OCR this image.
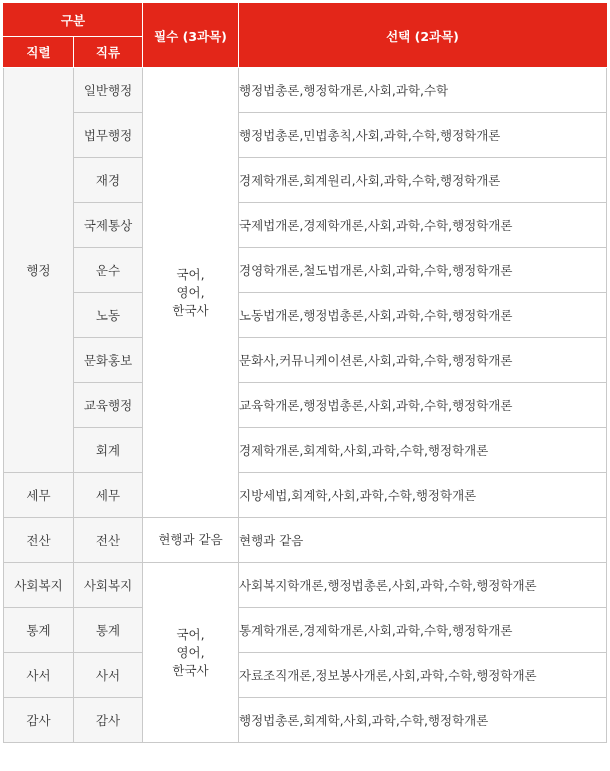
구분		필수 (3과목)	선택 (2과목)
직렬	직류		
행정	일반행정	국어,
영어,
한국사	행정법총론,행정학개론,사회,과학,수학
	법무행정		행정법총론,민법총칙,사회,과학,수학,행정학개론
	재경		경제학개론,회계원리,사회,과학,수학,행정학개론
	국제통상		국제법개론,경제학개론,사회,과학,수학,행정학개론
	운수		경영학개론,철도법개론,사회,과학,수학,행정학개론
	노동		노동법개론,행정법총론,사회,과학,수학,행정학개론
	문화홍보		문화사,커뮤니케이션론,사회,과학,수학,행정학개론
	교육행정		교육학개론,행정법총론,사회,과학,수학,행정학개론
	회계		경제학개론,회계학,사회,과학,수학,행정학개론
세무	세무		지방세법,회계학,사회,과학,수학,행정학개론
전산	전산	현행과 같음	현행과 같음
사회복지	사회복지	국어,
영어,
한국사	사회복지학개론,행정법총론,사회,과학,수학,행정학개론
통계	통계		통계학개론,경제학개론,사회,과학,수학,행정학개론
사서	사서		자료조직개론,정보봉사개론,사회,과학,수학,행정학개론
감사	감사		행정법총론,회계학,사회,과학,수학,행정학개론
